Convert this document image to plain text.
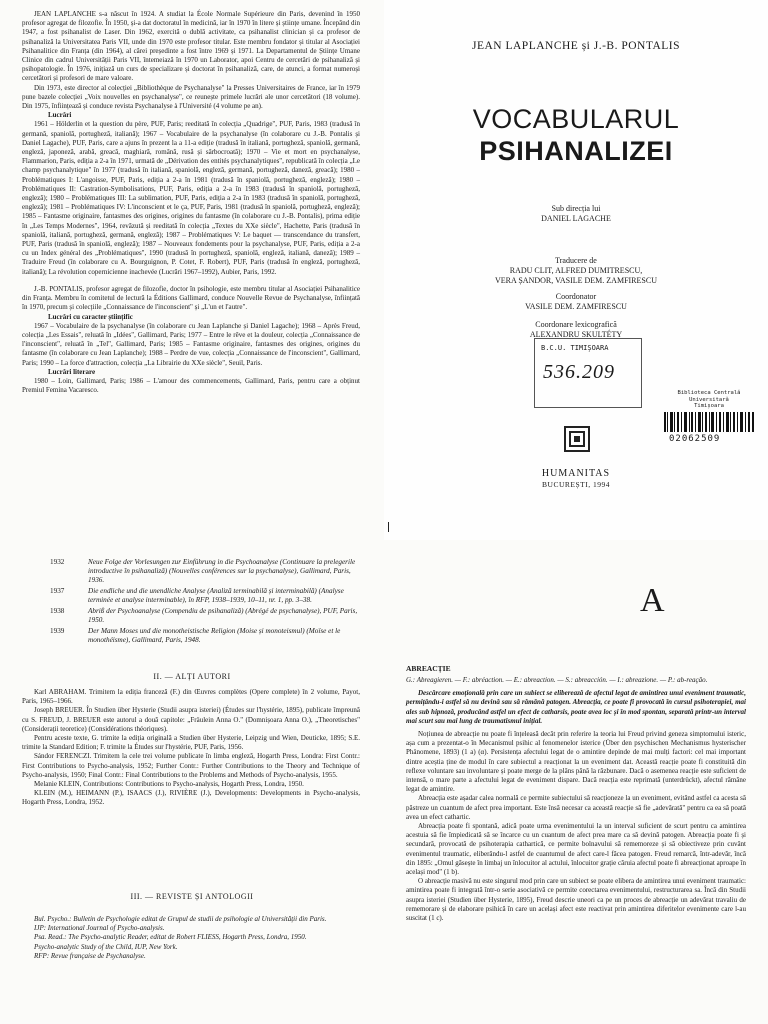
JEAN LAPLANCHE s-a născut în 1924. A studiat la École Normale Supérieure din Paris, devenind în 1950 profesor agregat de filozofie. În 1950, și-a dat doctoratul în medicină, iar în 1970 în litere și științe umane. Începând din 1947, a fost psihanalist de Laser. Din 1962, exercită o dublă activitate, ca psihanalist clinician și ca profesor de psihanaliză la Universitatea Paris VII, unde din 1970 este profesor titular. Este membru fondator și titular al Asociației Psihanalitice din Franța (din 1964), al cărei președinte a fost între 1969 și 1971. La Departamentul de Științe Umane Clinice din cadrul Universității Paris VII, întemeiază în 1970 un Laborator, apoi Centru de cercetări de psihanaliză și psihopatologie. În 1976, inițiază un curs de specializare și doctorat în psihanaliză, care, de atunci, a format numeroși cercetători și profesori de mare valoare.

Din 1973, este director al colecției „Bibliothèque de Psychanalyse" la Presses Universitaires de France, iar în 1979 pune bazele colecției „Voix nouvelles en psychanalyse", ce reunește primele lucrări ale unor cercetători (18 volume). Din 1975, înființează și conduce revista Psychanalyse à l'Université (4 volume pe an).

Lucrări

1961 – Hölderlin et la question du père, PUF, Paris; reeditată în colecția „Quadrige", PUF, Paris, 1983 (tradusă în germană, spaniolă, portugheză, italiană); 1967 – Vocabulaire de la psychanalyse (în colaborare cu J.-B. Pontalis și Daniel Lagache), PUF, Paris, care a ajuns în prezent la a 11-a ediție (tradusă în italiană, portugheză, spaniolă, germană, engleză, japoneză, arabă, greacă, maghiară, română, rusă și sârbocroată); 1970 – Vie et mort en psychanalyse, Flammarion, Paris, ediția a 2-a în 1971, urmată de „Dérivation des entités psychanalytiques", republicată în colecția „Le champ psychanalytique" în 1977 (tradusă în italiană, spaniolă, engleză, germană, portugheză, daneză, greacă); 1980 – Problématiques I: L'angoisse, PUF, Paris, ediția a 2-a în 1981 (tradusă în spaniolă, portugheză, engleză); 1980 – Problématiques II: Castration-Symbolisations, PUF, Paris, ediția a 2-a în 1983 (tradusă în spaniolă, portugheză, engleză); 1980 – Problématiques III: La sublimation, PUF, Paris, ediția a 2-a în 1983 (tradusă în spaniolă, portugheză, engleză); 1981 – Problématiques IV: L'inconscient et le ça, PUF, Paris, 1981 (tradusă în spaniolă, portugheză, engleză); 1985 – Fantasme originaire, fantasmes des origines, origines du fantasme (în colaborare cu J.-B. Pontalis), prima ediție în „Les Temps Modernes", 1964, revăzută și reeditată în colecția „Textes du XXe siècle", Hachette, Paris (tradusă în spaniolă, italiană, portugheză, germană, engleză); 1987 – Problématiques V: Le baquet — transcendance du transfert, PUF, Paris (tradusă în spaniolă, engleză); 1987 – Nouveaux fondements pour la psychanalyse, PUF, Paris, ediția a 2-a cu un Index général des „Problématiques", 1990 (tradusă în portugheză, spaniolă, engleză, italiană, daneză); 1989 – Traduire Freud (în colaborare cu A. Bourguignon, P. Cotet, F. Robert), PUF, Paris (tradusă în engleză, portugheză, italiană); La révolution copernicienne inachevée (Lucrări 1967–1992), Aubier, Paris, 1992.

J.-B. PONTALIS, profesor agregat de filozofie, doctor în psihologie, este membru titular al Asociației Psihanalitice din Franța. Membru în comitetul de lectură la Éditions Gallimard, conduce Nouvelle Revue de Psychanalyse, înființată în 1970, precum și colecțiile „Connaissance de l'inconscient" și „L'un et l'autre".

Lucrări cu caracter științific

1967 – Vocabulaire de la psychanalyse (în colaborare cu Jean Laplanche și Daniel Lagache); 1968 – Après Freud, colecția „Les Essais", reluată în „Idées", Gallimard, Paris; 1977 – Entre le rêve et la douleur, colecția „Connaissance de l'inconscient", reluată în „Tel", Gallimard, Paris; 1985 – Fantasme originaire, fantasmes des origines, origines du fantasme (în colaborare cu Jean Laplanche); 1988 – Perdre de vue, colecția „Connaissance de l'inconscient", Gallimard, Paris; 1990 – La force d'attraction, colecția „La Librairie du XXe siècle", Seuil, Paris.

Lucrări literare

1980 – Loin, Gallimard, Paris; 1986 – L'amour des commencements, Gallimard, Paris, pentru care a obținut Premiul Femina Vacaresco.

JEAN LAPLANCHE și J.-B. PONTALIS
VOCABULARUL
PSIHANALIZEI
Sub direcția lui
DANIEL LAGACHE
Traducere de
RADU CLIT, ALFRED DUMITRESCU,
VERA ȘANDOR, VASILE DEM. ZAMFIRESCU
Coordonator
VASILE DEM. ZAMFIRESCU
Coordonare lexicografică
ALEXANDRU SKULTÉTY
B.C.U. TIMIȘOARA
536.209
Biblioteca Centrală
Universitară
Timișoara
02062509
HUMANITAS
BUCUREȘTI, 1994
1932	Neue Folge der Vorlesungen zur Einführung in die Psychoanalyse (Continuare la prelegerile introductive în psihanaliză) (Nouvelles conférences sur la psychanalyse), Gallimard, Paris, 1936.
1937	Die endliche und die unendliche Analyse (Analiză terminabilă și interminabilă) (Analyse terminée et analyse interminable), în RFP, 1938–1939, 10–11, nr. 1, pp. 3–38.
1938	Abriß der Psychoanalyse (Compendiu de psihanaliză) (Abrégé de psychanalyse), PUF, Paris, 1950.
1939	Der Mann Moses und die monotheistische Religion (Moise și monoteismul) (Moïse et le monothéisme), Gallimard, Paris, 1948.
II. — ALȚI AUTORI

Karl ABRAHAM. Trimitem la ediția franceză (F.) din Œuvres complètes (Opere complete) în 2 volume, Payot, Paris, 1965–1966.

Joseph BREUER. În Studien über Hysterie (Studii asupra isteriei) (Études sur l'hystérie, 1895), publicate împreună cu S. FREUD, J. BREUER este autorul a două capitole: „Fräulein Anna O." (Domnișoara Anna O.), „Theoretisches" (Considerații teoretice) (Considérations théoriques).

Pentru aceste texte, G. trimite la ediția originală a Studien über Hysterie, Leipzig und Wien, Deuticke, 1895; S.E. trimite la Standard Edition; F. trimite la Études sur l'hystérie, PUF, Paris, 1956.

Sándor FERENCZI. Trimitem la cele trei volume publicate în limba engleză, Hogarth Press, Londra: First Contr.: First Contributions to Psycho-analysis, 1952; Further Contr.: Further Contributions to the Theory and Technique of Psycho-analysis, 1950; Final Contr.: Final Contributions to the Problems and Methods of Psycho-analysis, 1955.

Melanie KLEIN, Contributions: Contributions to Psycho-analysis, Hogarth Press, Londra, 1950.

KLEIN (M.), HEIMANN (P.), ISAACS (J.), RIVIÈRE (J.), Developments: Developments in Psycho-analysis, Hogarth Press, Londra, 1952.

III. — REVISTE ȘI ANTOLOGII

Bul. Psycho.: Bulletin de Psychologie editat de Grupul de studii de psihologie al Universității din Paris.

IJP: International Journal of Psycho-analysis.

Psa. Read.: The Psycho-analytic Reader, editat de Robert FLIESS, Hogarth Press, Londra, 1950.

Psycho-analytic Study of the Child, IUP, New York.

RFP: Revue française de Psychanalyse.

A
ABREACȚIE

G.: Abreagieren. — F.: abréaction. — E.: abreaction. — S.: abreacción. — I.: abreazione. — P.: ab-reação.

Descărcare emoțională prin care un subiect se eliberează de afectul legat de amintirea unui eveniment traumatic, permițându-i astfel să nu devină sau să rămână patogen. Abreacția, ce poate fi provocată în cursul psihoterapiei, mai ales sub hipnoză, producând astfel un efect de catharsis, poate avea loc și în mod spontan, separată printr-un interval mai scurt sau mai lung de traumatismul inițial.

Noțiunea de abreacție nu poate fi înțeleasă decât prin referire la teoria lui Freud privind geneza simptomului isteric, așa cum a prezentat-o în Mecanismul psihic al fenomenelor isterice (Über den psychischen Mechanismus hysterischer Phänomene, 1893) (1 a) (α). Persistența afectului legat de o amintire depinde de mai mulți factori: cel mai important dintre aceștia ține de modul în care subiectul a reacționat la un eveniment dat. Această reacție poate fi constituită din reflexe voluntare sau involuntare și poate merge de la plâns până la răzbunare. Dacă o asemenea reacție este suficient de intensă, o mare parte a afectului legat de eveniment dispare. Dacă reacția este reprimată (unterdrückt), afectul rămâne legat de amintire.

Abreacția este așadar calea normală ce permite subiectului să reacționeze la un eveniment, evitând astfel ca acesta să păstreze un cuantum de afect prea important. Este însă necesar ca această reacție să fie „adevărată" pentru ca ea să poată avea un efect cathartic.

Abreacția poate fi spontană, adică poate urma evenimentului la un interval suficient de scurt pentru ca amintirea acestuia să fie împiedicată să se încarce cu un cuantum de afect prea mare ca să devină patogen. Abreacția poate fi și secundară, provocată de psihoterapia cathartică, ce permite bolnavului să rememoreze și să obiectiveze prin cuvânt evenimentul traumatic, eliberându-l astfel de cuantumul de afect care-l făcea patogen. Freud remarcă, într-adevăr, încă din 1895: „Omul găsește în limbaj un înlocuitor al actului, înlocuitor grație căruia afectul poate fi abreacționat aproape în același mod" (1 b).

O abreacție masivă nu este singurul mod prin care un subiect se poate elibera de amintirea unui eveniment traumatic: amintirea poate fi integrată într-o serie asociativă ce permite corectarea evenimentului, restructurarea sa. Încă din Studii asupra isteriei (Studien über Hysterie, 1895), Freud descrie uneori ca pe un proces de abreacție un adevărat travaliu de rememorare și de elaborare psihică în care un același afect este reactivat prin amintirea diferitelor evenimente care l-au suscitat (1 c).
